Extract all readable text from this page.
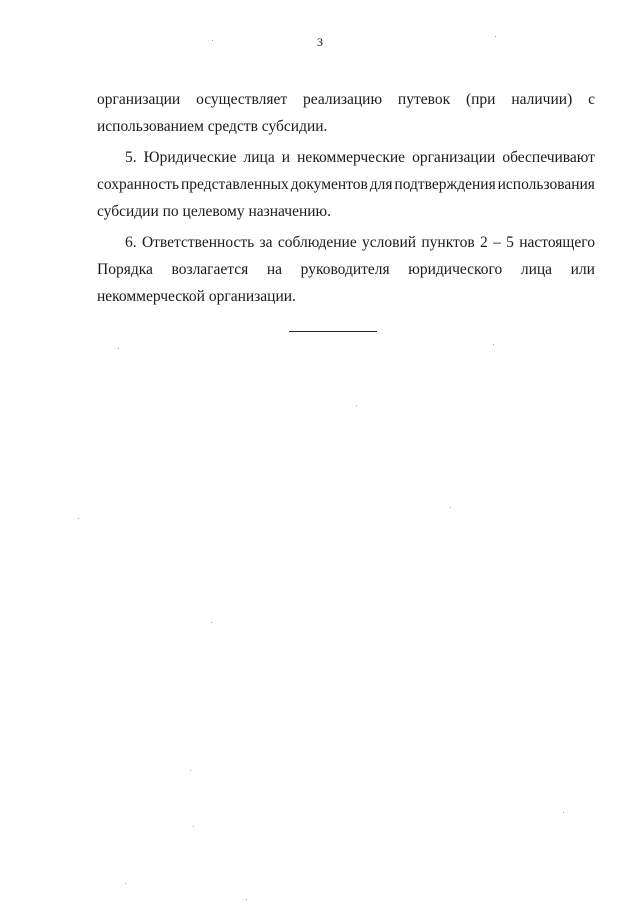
3
организации осуществляет реализацию путевок (при наличии) с
использованием средств субсидии.
5. Юридические лица и некоммерческие организации обеспечивают
сохранность представленных документов для подтверждения использования
субсидии по целевому назначению.
6. Ответственность за соблюдение условий пунктов 2 – 5 настоящего
Порядка возлагается на руководителя юридического лица или
некоммерческой организации.
